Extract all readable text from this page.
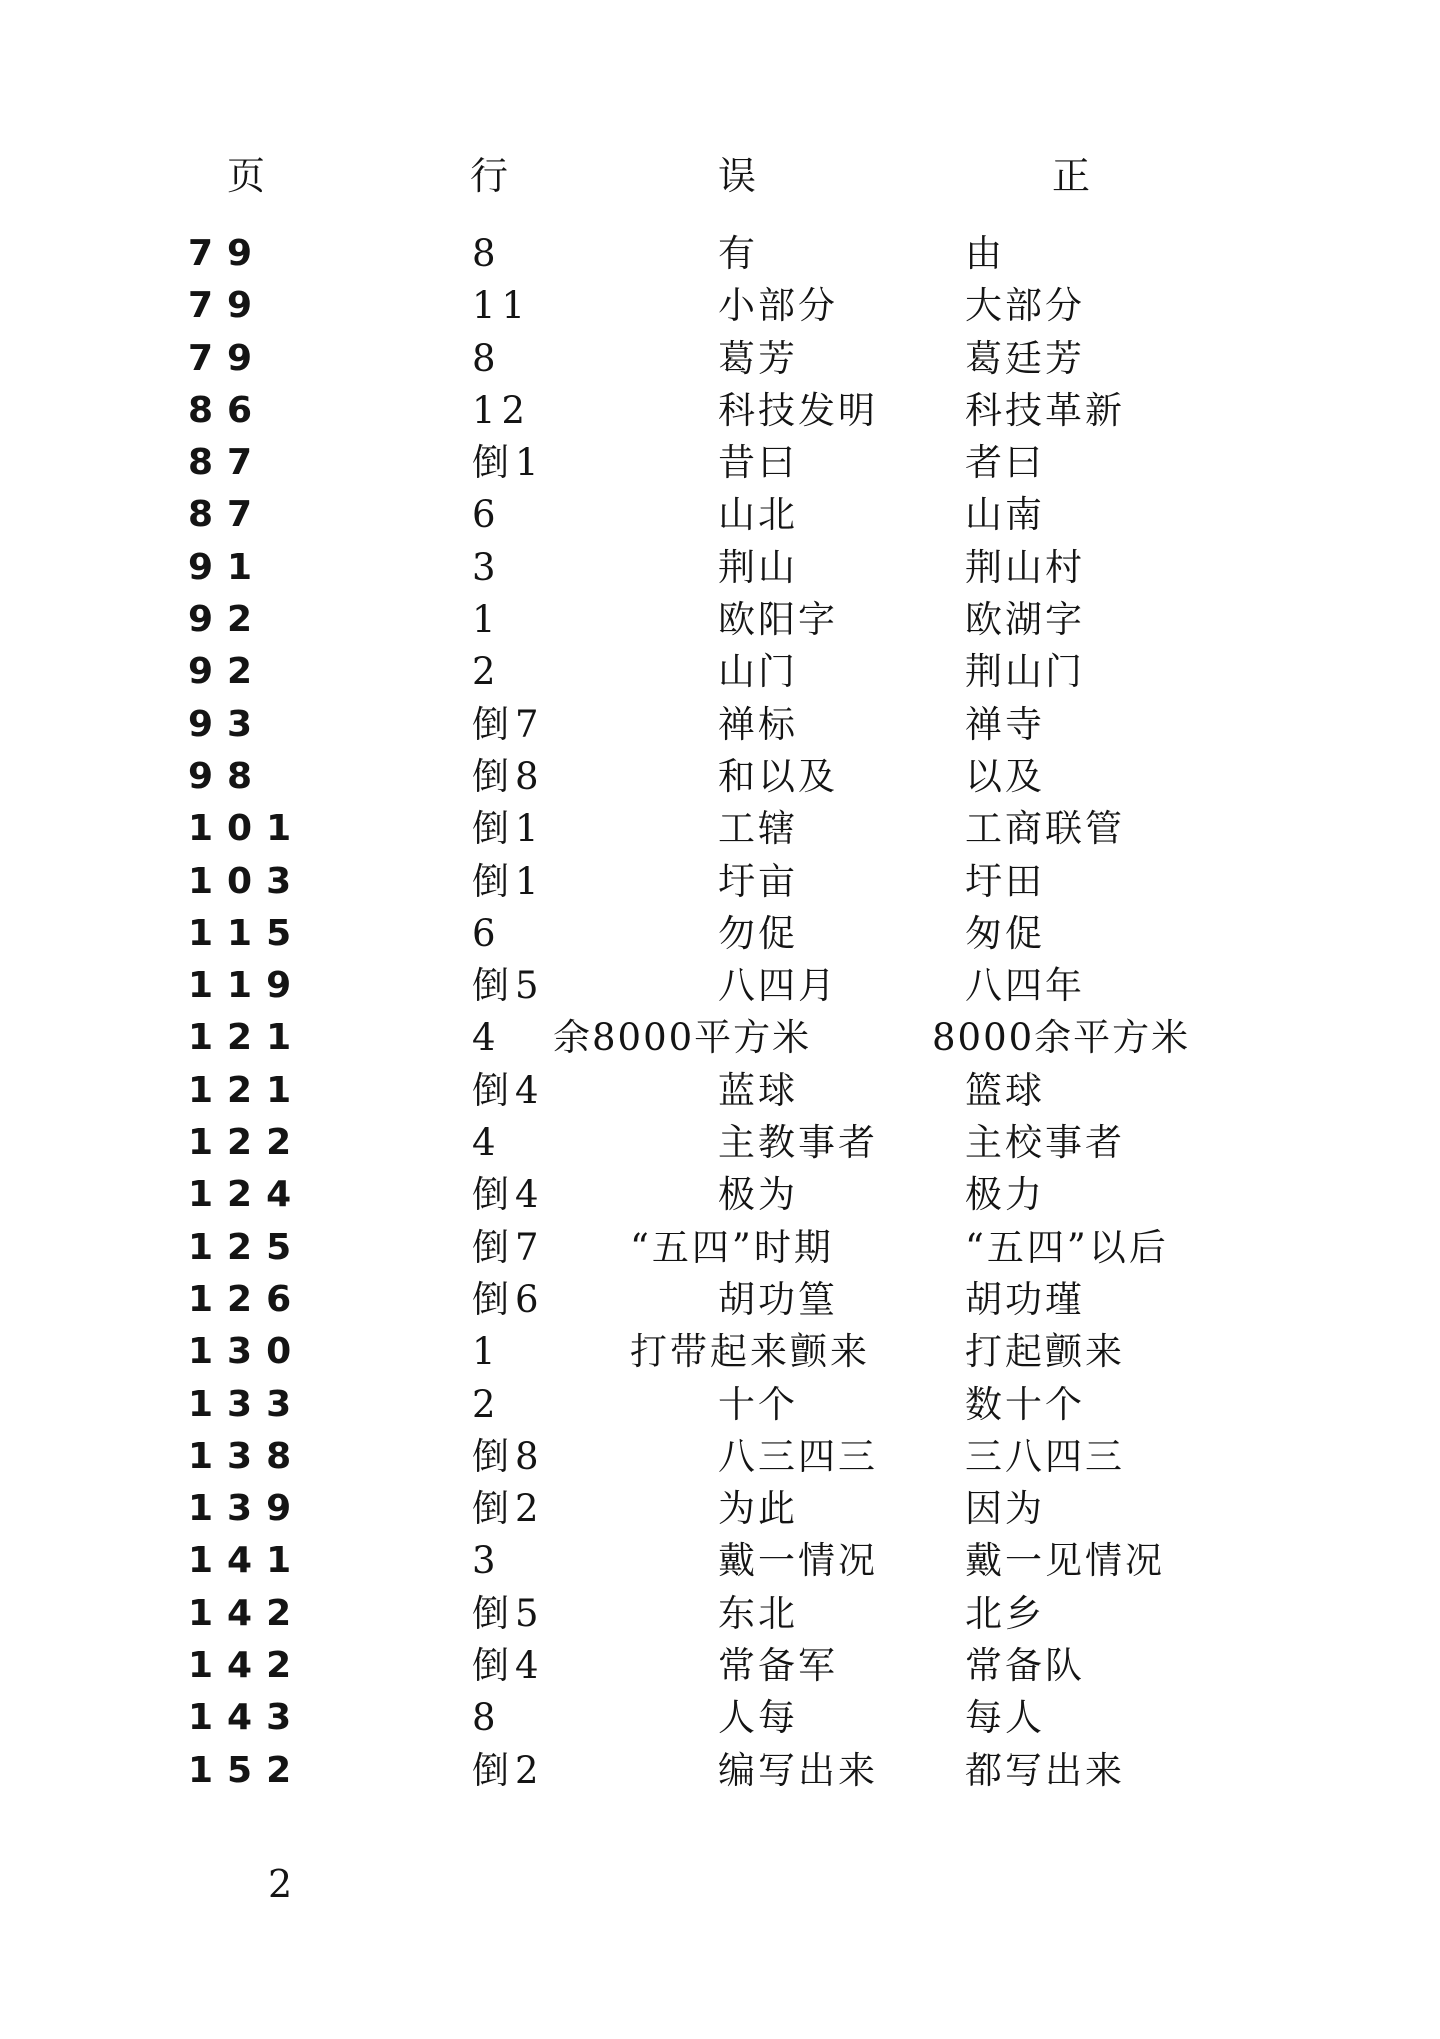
页	行	误	正
79	8	有	由
79	11	小部分	大部分
79	8	葛芳	葛廷芳
86	12	科技发明 科技革新
87	倒1	昔曰	者曰
87	6	山北	山南
91	3	荆山	荆山村
92	1	欧阳字	欧湖字
92	2	山门	荆山门
93	倒7	禅标	禅寺
98	倒8	和以及	以及
101	倒1	工辖	工商联管
103	倒1	圩亩	圩田
115	6	勿促	匆促
119	倒5	八四月	八四年
121	4 余8000平方米	8000余平方米
121	倒4	蓝球	篮球
122	4	主教事者 主校事者
124	倒4	极为	极力
125	倒7 “五四”时期	“五四”以后
126	倒6	胡功篁	胡功瑾
130	1	打带起来颤来	打起颤来
133	2	十个	数十个
138	倒8	八三四三 三八四三
139	倒2	为此	因为
141	3	戴一情况 戴一见情况
142	倒5	东北	北乡
142	倒4	常备军	常备队
143	8	人每	每人
152	倒2	编写出来 都写出来
2
